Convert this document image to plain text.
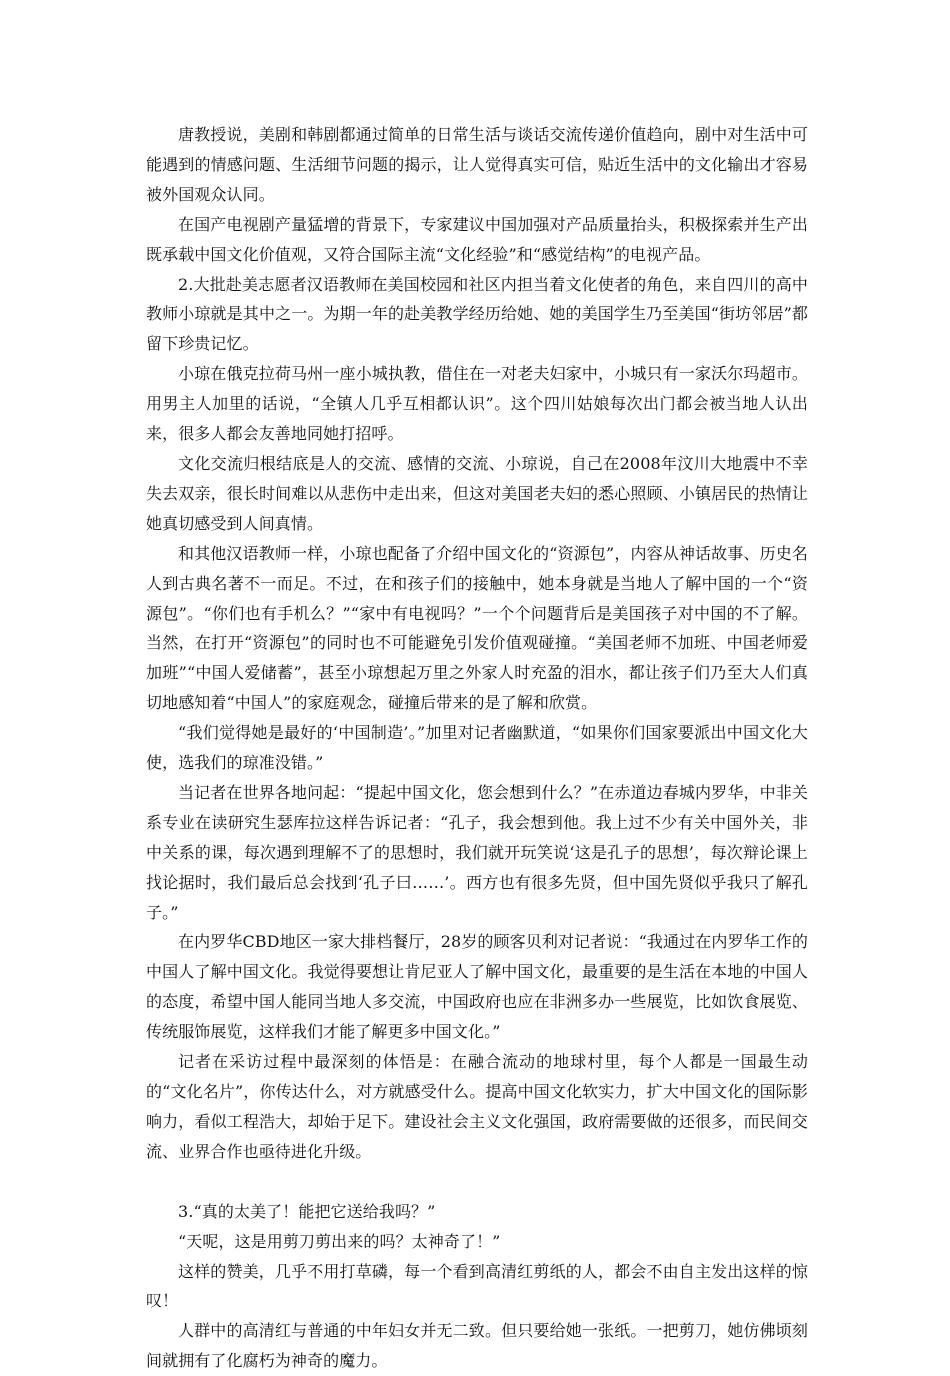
唐教授说，美剧和韩剧都通过简单的日常生活与谈话交流传递价值趋向，剧中对生活中可能遇到的情感问题、生活细节问题的揭示，让人觉得真实可信，贴近生活中的文化输出才容易被外国观众认同。

在国产电视剧产量猛增的背景下，专家建议中国加强对产品质量抬头，积极探索并生产出既承载中国文化价值观，又符合国际主流“文化经验”和“感觉结构”的电视产品。

2.大批赴美志愿者汉语教师在美国校园和社区内担当着文化使者的角色，来自四川的高中教师小琼就是其中之一。为期一年的赴美教学经历给她、她的美国学生乃至美国“街坊邻居”都留下珍贵记忆。

小琼在俄克拉荷马州一座小城执教，借住在一对老夫妇家中，小城只有一家沃尔玛超市。用男主人加里的话说，“全镇人几乎互相都认识”。这个四川姑娘每次出门都会被当地人认出来，很多人都会友善地同她打招呼。

文化交流归根结底是人的交流、感情的交流、小琼说，自己在2008年汶川大地震中不幸失去双亲，很长时间难以从悲伤中走出来，但这对美国老夫妇的悉心照顾、小镇居民的热情让她真切感受到人间真情。

和其他汉语教师一样，小琼也配备了介绍中国文化的“资源包”，内容从神话故事、历史名人到古典名著不一而足。不过，在和孩子们的接触中，她本身就是当地人了解中国的一个“资源包”。“你们也有手机么？”“家中有电视吗？”一个个问题背后是美国孩子对中国的不了解。当然，在打开“资源包”的同时也不可能避免引发价值观碰撞。“美国老师不加班、中国老师爱加班”“中国人爱储蓄”，甚至小琼想起万里之外家人时充盈的泪水，都让孩子们乃至大人们真切地感知着“中国人”的家庭观念，碰撞后带来的是了解和欣赏。

“我们觉得她是最好的‘中国制造’。”加里对记者幽默道，“如果你们国家要派出中国文化大使，选我们的琼准没错。”

当记者在世界各地问起：“提起中国文化，您会想到什么？”在赤道边春城内罗华，中非关系专业在读研究生瑟库拉这样告诉记者：“孔子，我会想到他。我上过不少有关中国外关，非中关系的课，每次遇到理解不了的思想时，我们就开玩笑说‘这是孔子的思想’，每次辩论课上找论据时，我们最后总会找到‘孔子曰……’。西方也有很多先贤，但中国先贤似乎我只了解孔子。”

在内罗华CBD地区一家大排档餐厅，28岁的顾客贝利对记者说：“我通过在内罗华工作的中国人了解中国文化。我觉得要想让肯尼亚人了解中国文化，最重要的是生活在本地的中国人的态度，希望中国人能同当地人多交流，中国政府也应在非洲多办一些展览，比如饮食展览、传统服饰展览，这样我们才能了解更多中国文化。”

记者在采访过程中最深刻的体悟是：在融合流动的地球村里，每个人都是一国最生动的“文化名片”，你传达什么，对方就感受什么。提高中国文化软实力，扩大中国文化的国际影响力，看似工程浩大，却始于足下。建设社会主义文化强国，政府需要做的还很多，而民间交流、业界合作也亟待进化升级。

3.“真的太美了！能把它送给我吗？”

“天呢，这是用剪刀剪出来的吗？太神奇了！”

这样的赞美，几乎不用打草磷，每一个看到高清红剪纸的人，都会不由自主发出这样的惊叹！

人群中的高清红与普通的中年妇女并无二致。但只要给她一张纸。一把剪刀，她仿佛顷刻间就拥有了化腐朽为神奇的魔力。
